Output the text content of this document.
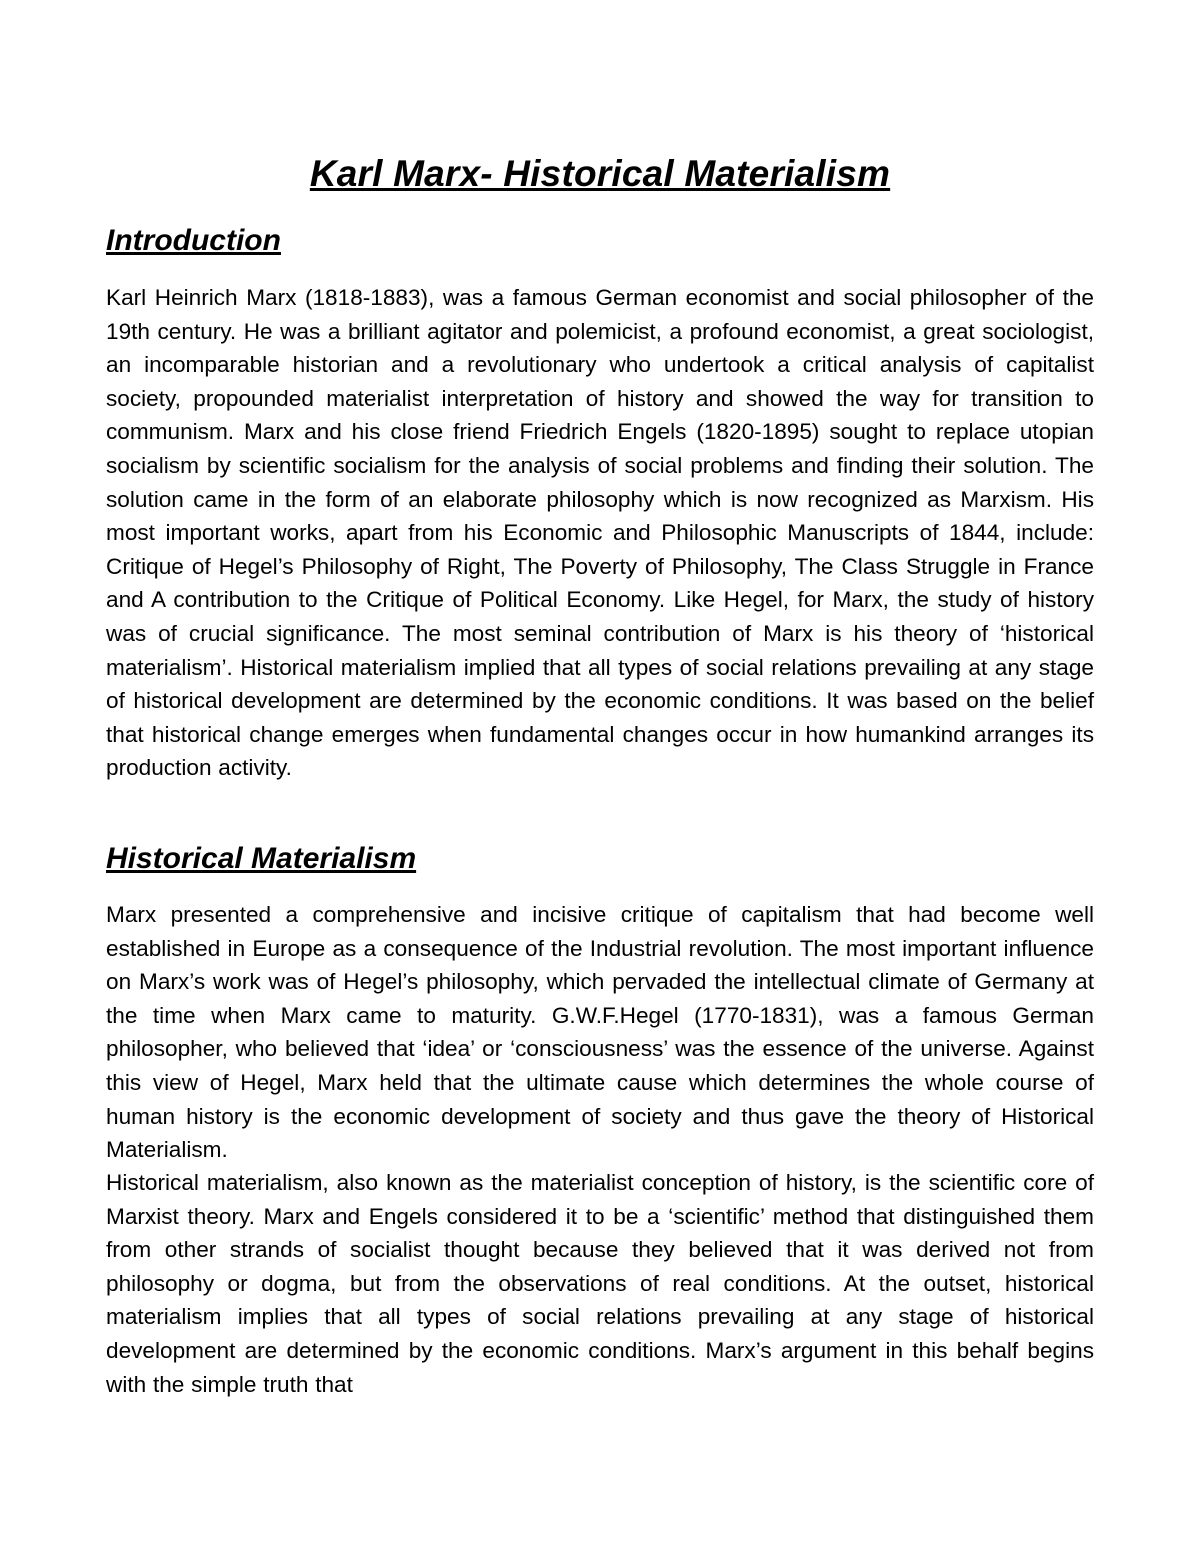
Karl Marx- Historical Materialism
Introduction

Karl Heinrich Marx (1818-1883), was a famous German economist and social philosopher of the 19th century. He was a brilliant agitator and polemicist, a profound economist, a great sociologist, an incomparable historian and a revolutionary who undertook a critical analysis of capitalist society, propounded materialist interpretation of history and showed the way for transition to communism. Marx and his close friend Friedrich Engels (1820-1895) sought to replace utopian socialism by scientific socialism for the analysis of social problems and finding their solution. The solution came in the form of an elaborate philosophy which is now recognized as Marxism. His most important works, apart from his Economic and Philosophic Manuscripts of 1844, include: Critique of Hegel’s Philosophy of Right, The Poverty of Philosophy, The Class Struggle in France and A contribution to the Critique of Political Economy. Like Hegel, for Marx, the study of history was of crucial significance. The most seminal contribution of Marx is his theory of ‘historical materialism’. Historical materialism implied that all types of social relations prevailing at any stage of historical development are determined by the economic conditions. It was based on the belief that historical change emerges when fundamental changes occur in how humankind arranges its production activity.

Historical Materialism

Marx presented a comprehensive and incisive critique of capitalism that had become well established in Europe as a consequence of the Industrial revolution. The most important influence on Marx’s work was of Hegel’s philosophy, which pervaded the intellectual climate of Germany at the time when Marx came to maturity. G.W.F.Hegel (1770-1831), was a famous German philosopher, who believed that ‘idea’ or ‘consciousness’ was the essence of the universe. Against this view of Hegel, Marx held that the ultimate cause which determines the whole course of human history is the economic development of society and thus gave the theory of Historical Materialism.

Historical materialism, also known as the materialist conception of history, is the scientific core of Marxist theory. Marx and Engels considered it to be a ‘scientific’ method that distinguished them from other strands of socialist thought because they believed that it was derived not from philosophy or dogma, but from the observations of real conditions. At the outset, historical materialism implies that all types of social relations prevailing at any stage of historical development are determined by the economic conditions. Marx’s argument in this behalf begins with the simple truth that
